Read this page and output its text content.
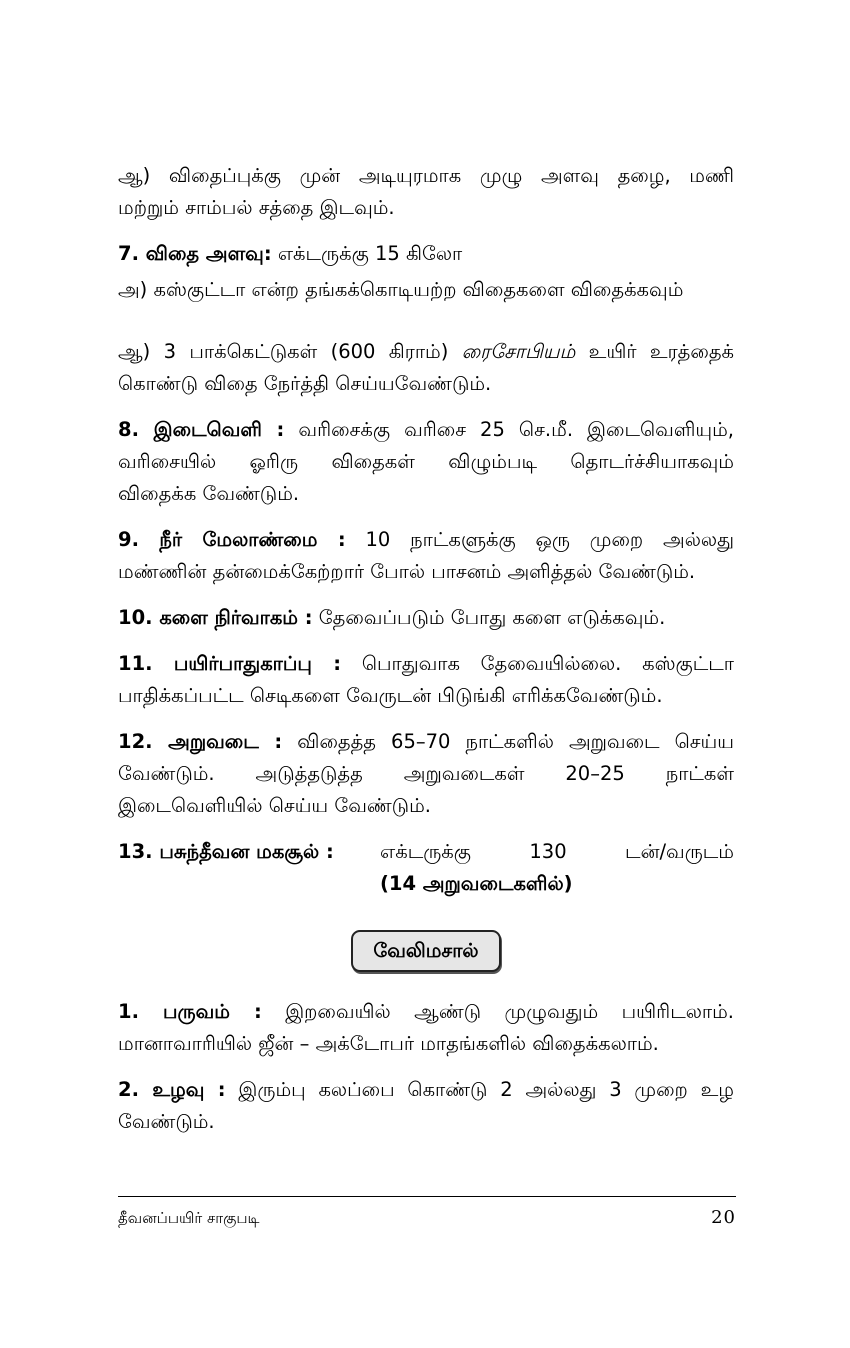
ஆ) விதைப்புக்கு முன் அடியுரமாக முழு அளவு தழை, மணி
மற்றும் சாம்பல் சத்தை இடவும்.

7. விதை அளவு: எக்டருக்கு 15 கிலோ

அ) கஸ்குட்டா என்ற தங்கக்கொடியற்ற விதைகளை விதைக்கவும்

ஆ) 3 பாக்கெட்டுகள் (600 கிராம்) ரைசோபியம் உயிர் உரத்தைக்
கொண்டு விதை நேர்த்தி செய்யவேண்டும்.

8. இடைவெளி : வரிசைக்கு வரிசை 25 செ.மீ. இடைவெளியும்,
வரிசையில் ஓரிரு விதைகள் விழும்படி தொடர்ச்சியாகவும்
விதைக்க வேண்டும்.

9. நீர் மேலாண்மை : 10 நாட்களுக்கு ஒரு முறை அல்லது
மண்ணின் தன்மைக்கேற்றார் போல் பாசனம் அளித்தல் வேண்டும்.

10. களை நிர்வாகம் : தேவைப்படும் போது களை எடுக்கவும்.

11. பயிர்பாதுகாப்பு : பொதுவாக தேவையில்லை. கஸ்குட்டா
பாதிக்கப்பட்ட செடிகளை வேருடன் பிடுங்கி எரிக்கவேண்டும்.

12. அறுவடை : விதைத்த 65–70 நாட்களில் அறுவடை செய்ய
வேண்டும். அடுத்தடுத்த அறுவடைகள் 20–25 நாட்கள்
இடைவெளியில் செய்ய வேண்டும்.

13. பசுந்தீவன மகசூல் :	எக்டருக்கு	130	டன்/வருடம்
(14 அறுவடைகளில்)
வேலிமசால்

1. பருவம் : இறவையில் ஆண்டு முழுவதும் பயிரிடலாம்.
மானாவாரியில் ஜீன் – அக்டோபர் மாதங்களில் விதைக்கலாம்.

2. உழவு : இரும்பு கலப்பை கொண்டு 2 அல்லது 3 முறை உழ
வேண்டும்.

தீவனப்பயிர் சாகுபடி	20
